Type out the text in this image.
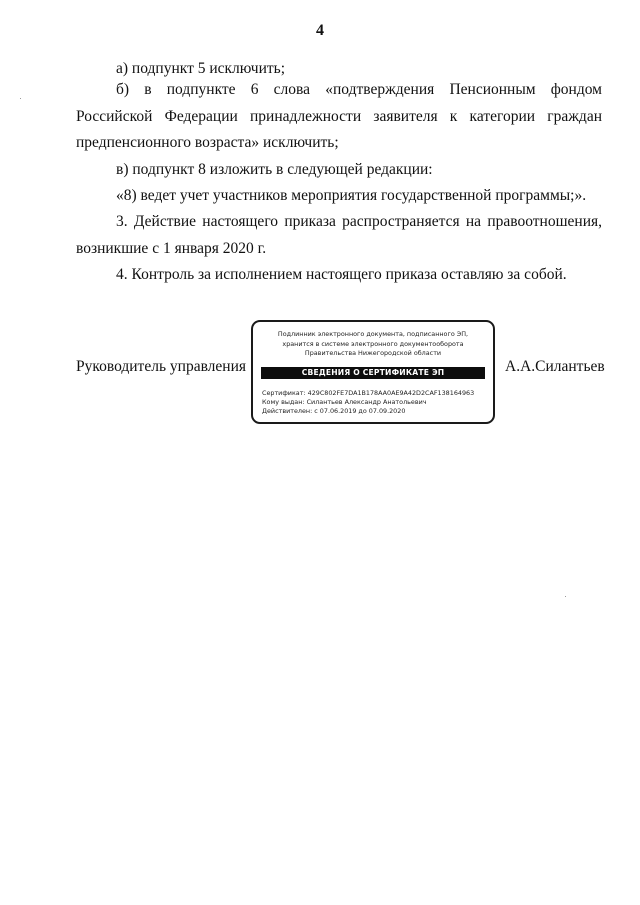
4

а) подпункт 5 исключить;

б) в подпункте 6 слова «подтверждения Пенсионным фондом Российской Федерации принадлежности заявителя к категории граждан предпенсионного возраста» исключить;

в) подпункт 8 изложить в следующей редакции:

«8) ведет учет участников мероприятия государственной программы;».

3. Действие настоящего приказа распространяется на правоотношения, возникшие с 1 января 2020 г.

4. Контроль за исполнением настоящего приказа оставляю за собой.

Руководитель управления
Подлинник электронного документа, подписанного ЭП,
хранится в системе электронного документооборота
Правительства Нижегородской области
СВЕДЕНИЯ О СЕРТИФИКАТЕ ЭП
Сертификат: 429C802FE7DA1B178AA0AE9A42D2CAF138164963
Кому выдан: Силантьев Александр Анатольевич
Действителен: с 07.06.2019 до 07.09.2020
А.А.Силантьев
